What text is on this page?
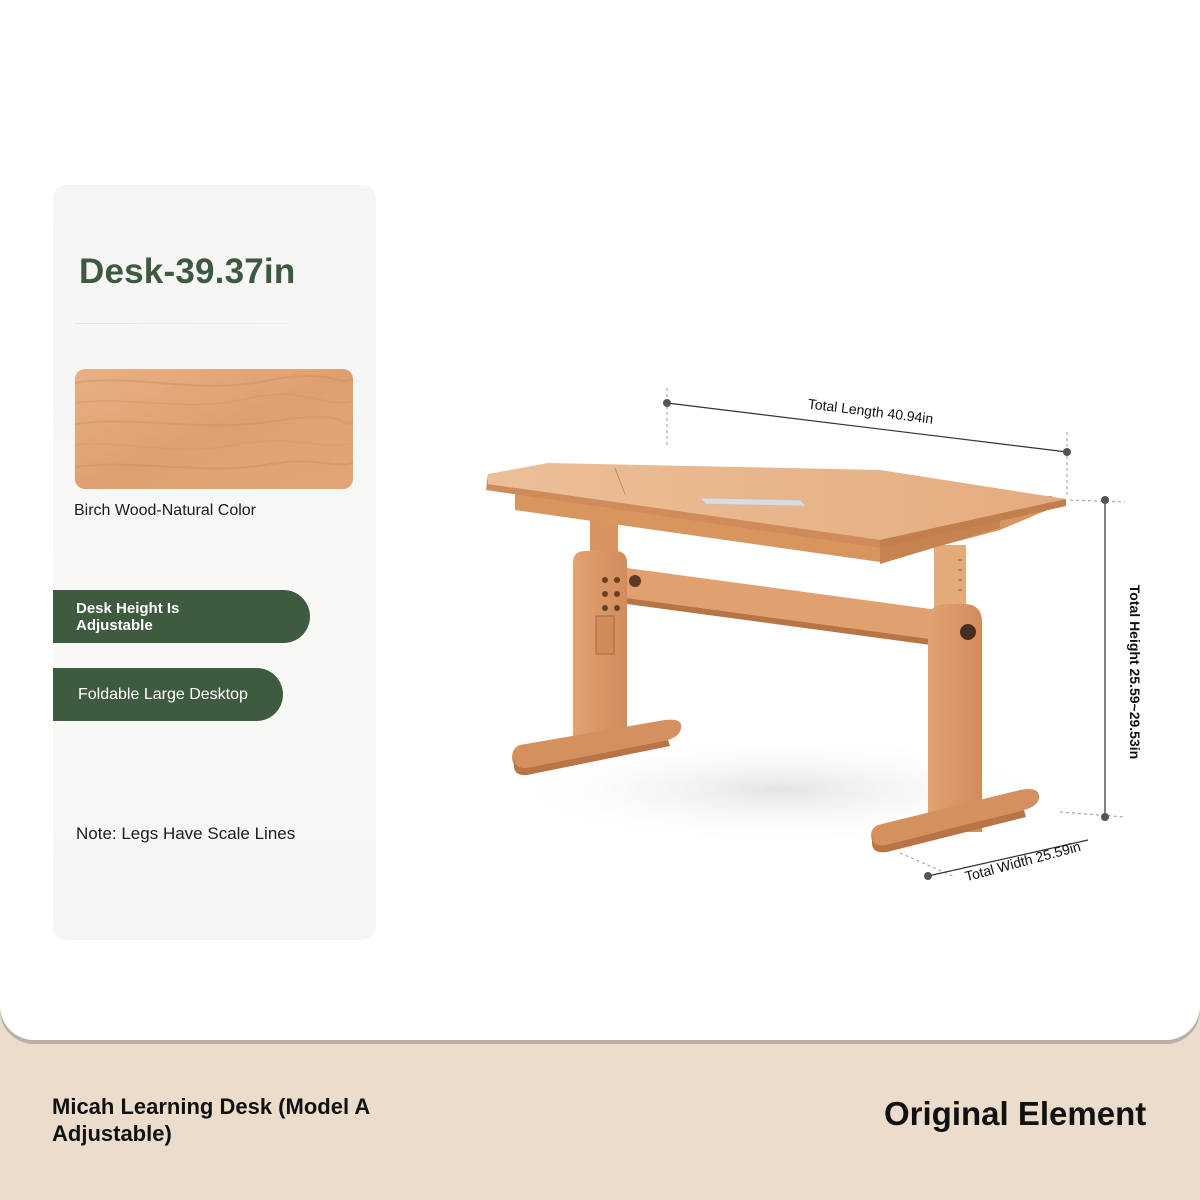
Desk-39.37in
Birch Wood-Natural Color
Desk Height Is Adjustable
Foldable Large Desktop
Note: Legs Have Scale Lines
Total Length 40.94in
Total Height 25.59~29.53in
Total Width 25.59in
Micah Learning Desk (Model A Adjustable)
Original Element
